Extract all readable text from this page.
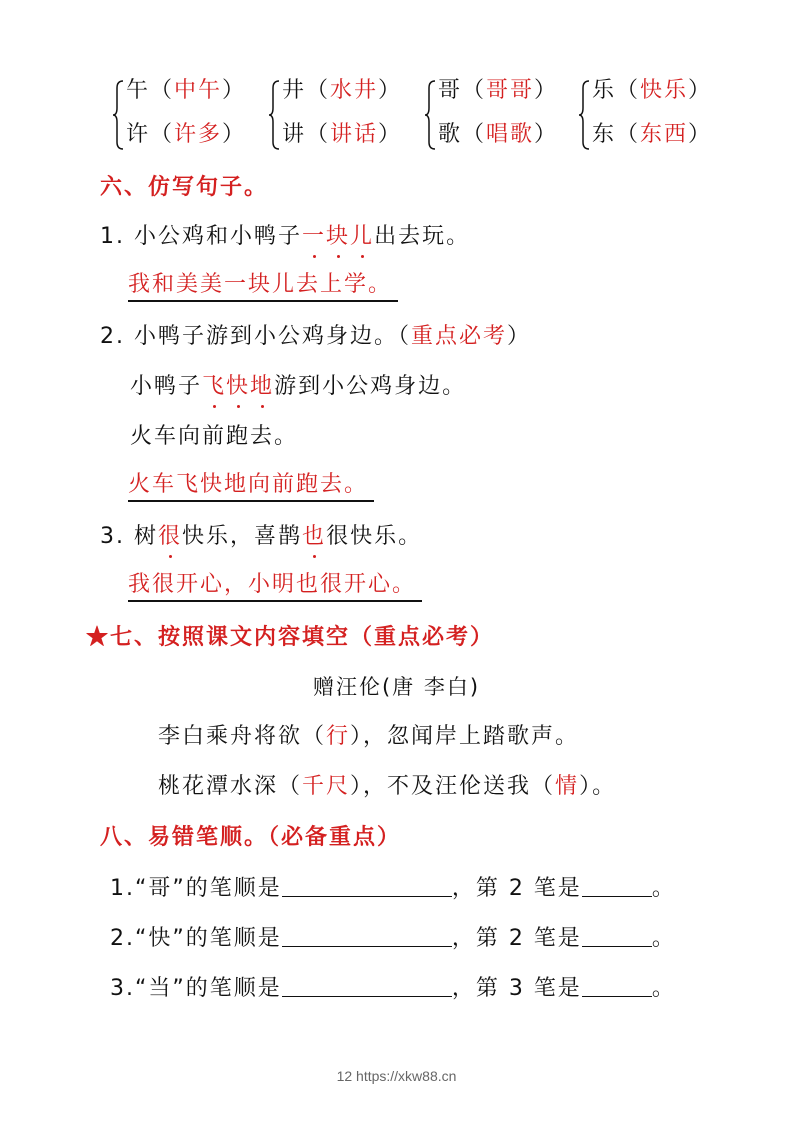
午（中午）
许（许多）
井（水井）
讲（讲话）
哥（哥哥）
歌（唱歌）
乐（快乐）
东（东西）
六、仿写句子。
1. 小公鸡和小鸭子一块儿出去玩。
我和美美一块儿去上学。
2. 小鸭子游到小公鸡身边。（重点必考）
小鸭子飞快地游到小公鸡身边。
火车向前跑去。
火车飞快地向前跑去。
3. 树很快乐，喜鹊也很快乐。
我很开心，小明也很开心。
★七、按照课文内容填空（重点必考）
赠汪伦(唐 李白)
李白乘舟将欲（行），忽闻岸上踏歌声。
桃花潭水深（千尺），不及汪伦送我（情）。
八、易错笔顺。（必备重点）
1.“哥”的笔顺是	，第 2 笔是	。
2.“快”的笔顺是	，第 2 笔是	。
3.“当”的笔顺是	，第 3 笔是	。
12 https://xkw88.cn
